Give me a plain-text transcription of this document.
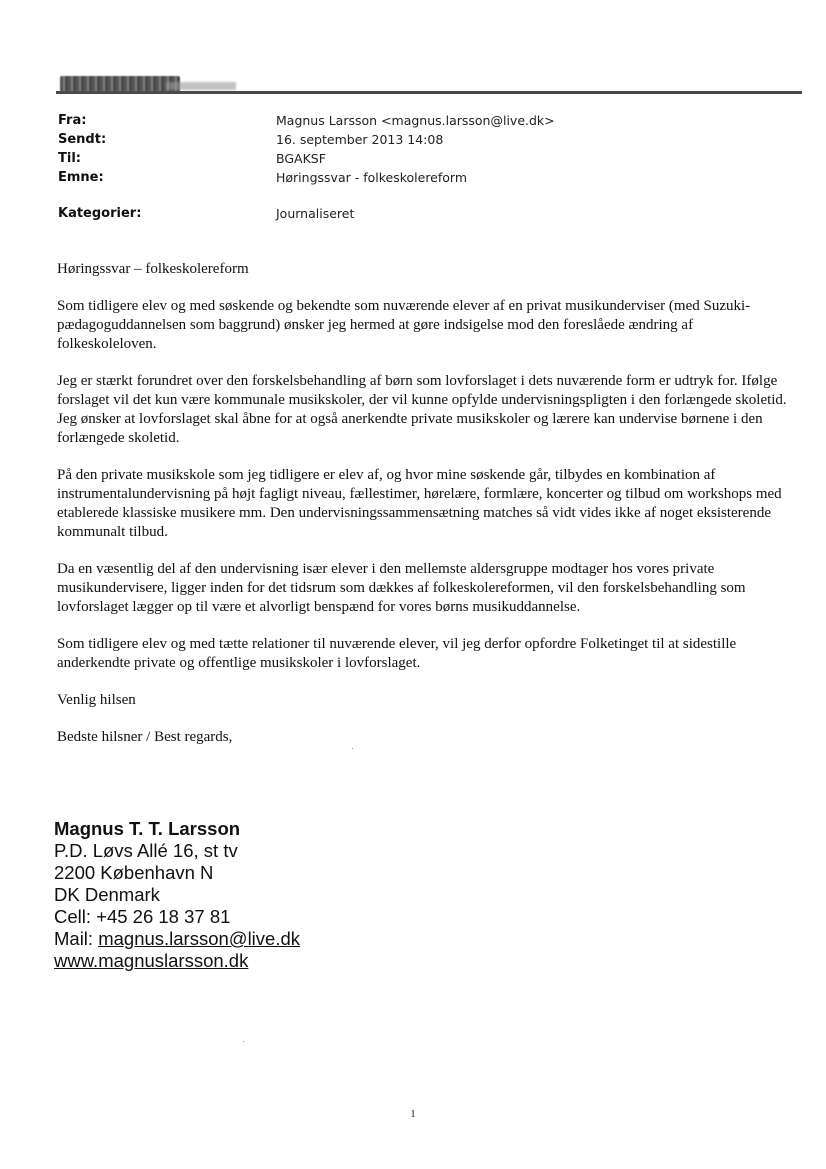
Fra:	Magnus Larsson <magnus.larsson@live.dk>
Sendt:	16. september 2013 14:08
Til:	BGAKSF
Emne:	Høringssvar - folkeskolereform
Kategorier:	Journaliseret

Høringssvar – folkeskolereform

Som tidligere elev og med søskende og bekendte som nuværende elever af en privat musikunderviser (med Suzuki-pædagoguddannelsen som baggrund) ønsker jeg hermed at gøre indsigelse mod den foreslåede ændring af folkeskoleloven.

Jeg er stærkt forundret over den forskelsbehandling af børn som lovforslaget i dets nuværende form er udtryk for. Ifølge forslaget vil det kun være kommunale musikskoler, der vil kunne opfylde undervisningspligten i den forlængede skoletid. Jeg ønsker at lovforslaget skal åbne for at også anerkendte private musikskoler og lærere kan undervise børnene i den forlængede skoletid.

På den private musikskole som jeg tidligere er elev af, og hvor mine søskende går, tilbydes en kombination af instrumentalundervisning på højt fagligt niveau, fællestimer, hørelære, formlære, koncerter og tilbud om workshops med etablerede klassiske musikere mm. Den undervisningssammensætning matches så vidt vides ikke af noget eksisterende kommunalt tilbud.

Da en væsentlig del af den undervisning især elever i den mellemste aldersgruppe modtager hos vores private musikundervisere, ligger inden for det tidsrum som dækkes af folkeskolereformen, vil den forskelsbehandling som lovforslaget lægger op til være et alvorligt benspænd for vores børns musikuddannelse.

Som tidligere elev og med tætte relationer til nuværende elever, vil jeg derfor opfordre Folketinget til at sidestille anderkendte private og offentlige musikskoler i lovforslaget.

Venlig hilsen

Bedste hilsner / Best regards,

Magnus T. T. Larsson
P.D. Løvs Allé 16, st tv
2200 København N
DK Denmark
Cell: +45 26 18 37 81
Mail: magnus.larsson@live.dk
www.magnuslarsson.dk
1
